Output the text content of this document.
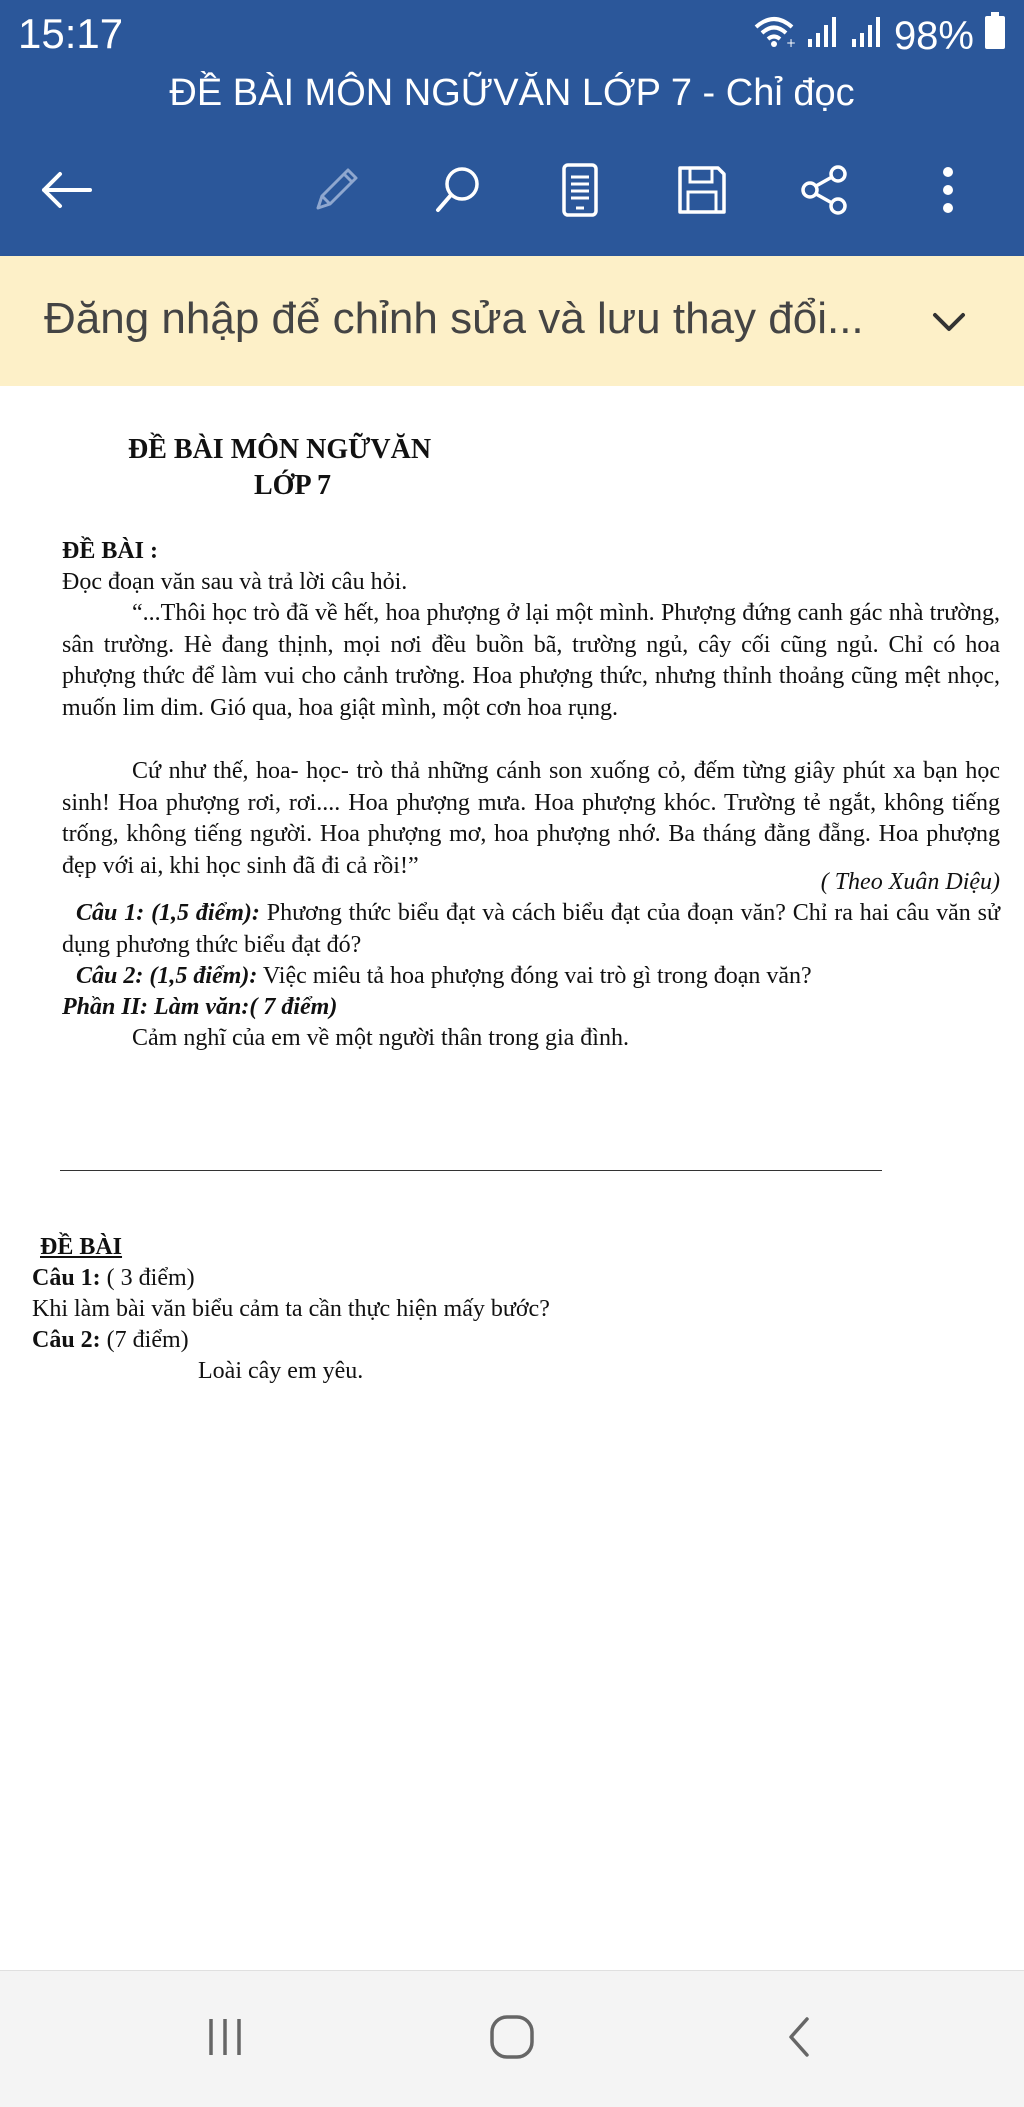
15:17	+ 98%
ĐỀ BÀI MÔN NGỮVĂN LỚP 7 - Chỉ đọc
Đăng nhập để chỉnh sửa và lưu thay đổi...
ĐỀ BÀI MÔN NGỮVĂN
LỚP 7
ĐỀ BÀI :
Đọc đoạn văn sau và trả lời câu hỏi.

“...Thôi học trò đã về hết, hoa phượng ở lại một mình. Phượng đứng canh gác nhà trường, sân trường. Hè đang thịnh, mọi nơi đều buồn bã, trường ngủ, cây cối cũng ngủ. Chỉ có hoa phượng thức để làm vui cho cảnh trường. Hoa phượng thức, nhưng thỉnh thoảng cũng mệt nhọc, muốn lim dim. Gió qua, hoa giật mình, một cơn hoa rụng.

Cứ như thế, hoa- học- trò thả những cánh son xuống cỏ, đếm từng giây phút xa bạn học sinh! Hoa phượng rơi, rơi.... Hoa phượng mưa. Hoa phượng khóc. Trường tẻ ngắt, không tiếng trống, không tiếng người. Hoa phượng mơ, hoa phượng nhớ. Ba tháng đằng đẵng. Hoa phượng đẹp với ai, khi học sinh đã đi cả rồi!”

( Theo Xuân Diệu)

Câu 1: (1,5 điểm): Phương thức biểu đạt và cách biểu đạt của đoạn văn? Chỉ ra hai câu văn sử dụng phương thức biểu đạt đó?

Câu 2: (1,5 điểm): Việc miêu tả hoa phượng đóng vai trò gì trong đoạn văn?

Phần II: Làm văn:( 7 điểm)
Cảm nghĩ của em về một người thân trong gia đình.
ĐỀ BÀI
Câu 1: ( 3 điểm)
Khi làm bài văn biểu cảm ta cần thực hiện mấy bước?
Câu 2: (7 điểm)
Loài cây em yêu.
